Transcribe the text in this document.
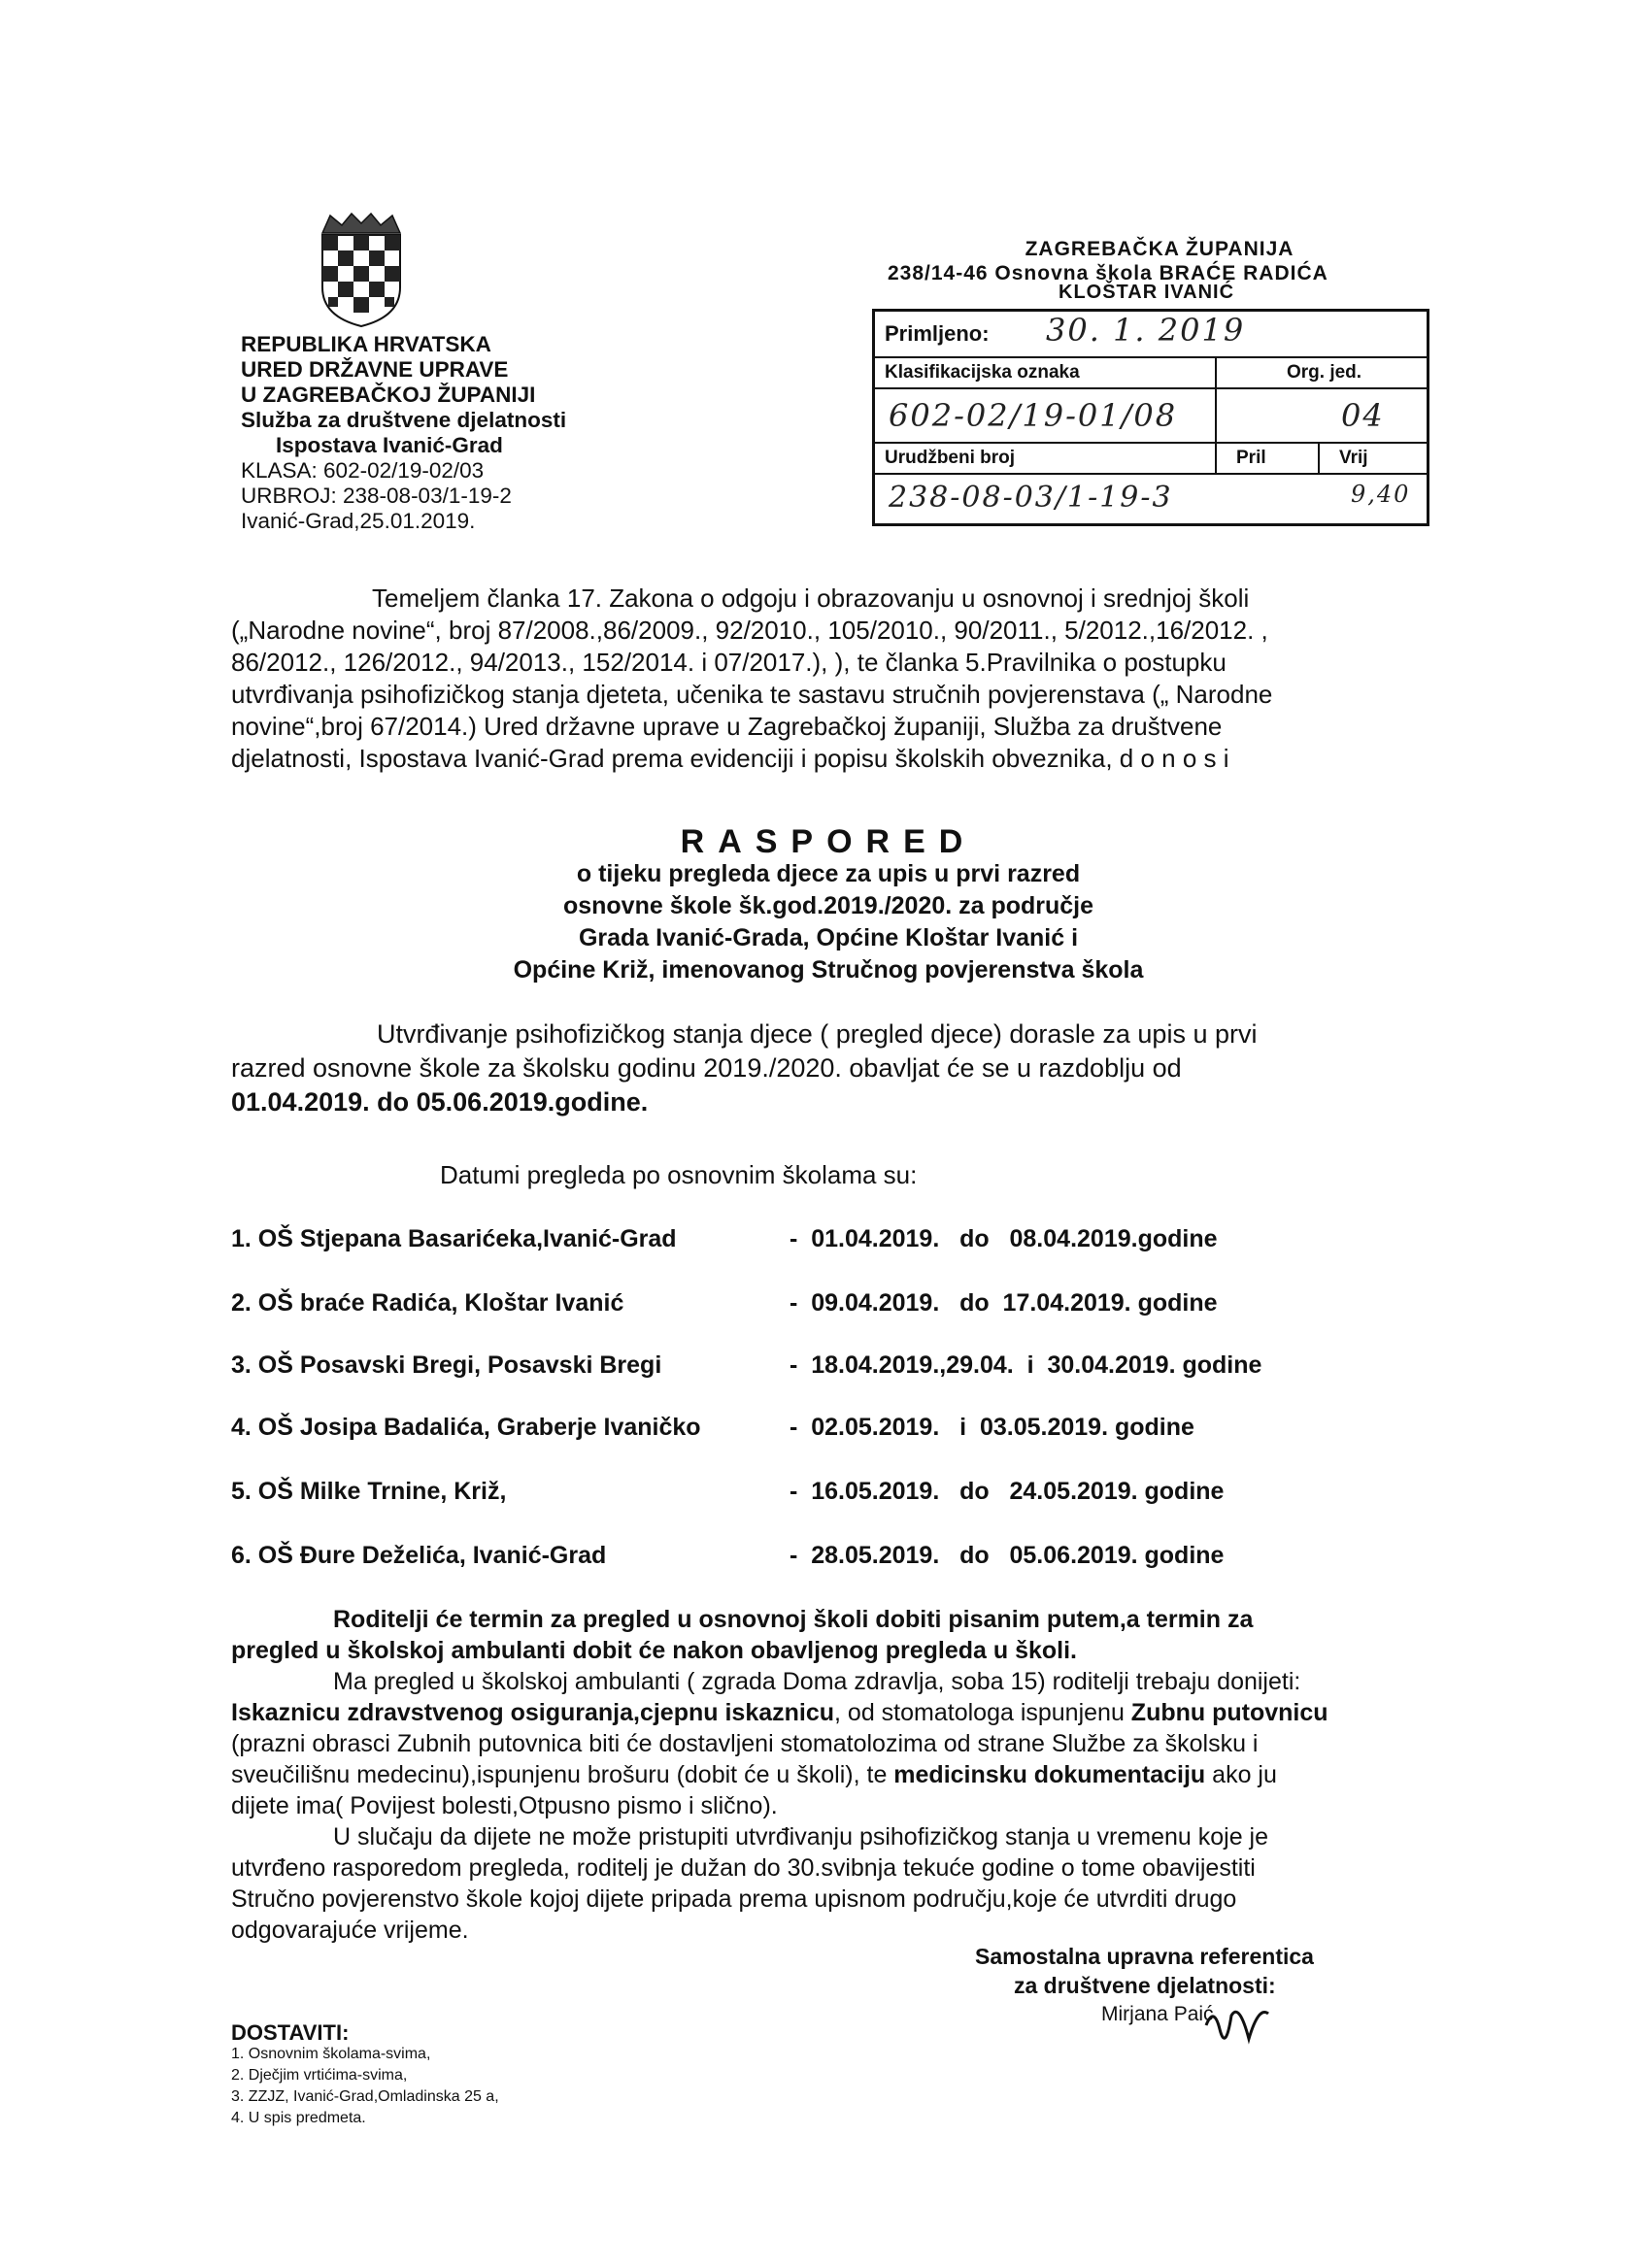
REPUBLIKA HRVATSKA
URED DRŽAVNE UPRAVE
U ZAGREBAČKOJ ŽUPANIJI
Služba za društvene djelatnosti
Ispostava Ivanić-Grad
KLASA: 602-02/19-02/03
URBROJ: 238-08-03/1-19-2
Ivanić-Grad,25.01.2019.
ZAGREBAČKA ŽUPANIJA
238/14-46 Osnovna škola BRAĆE RADIĆA
KLOŠTAR IVANIĆ
Primljeno: 30. 1. 2019
Klasifikacijska oznaka	Org. jed.
602-02/19-01/08	04
Urudžbeni broj	Pril	Vrij
238-08-03/1-19-3	9,40
Temeljem članka 17. Zakona o odgoju i obrazovanju u osnovnoj i srednjoj školi
(„Narodne novine“, broj 87/2008.,86/2009., 92/2010., 105/2010., 90/2011., 5/2012.,16/2012. ,
86/2012., 126/2012., 94/2013., 152/2014. i 07/2017.), ), te članka 5.Pravilnika o postupku
utvrđivanja psihofizičkog stanja djeteta, učenika te sastavu stručnih povjerenstava („ Narodne
novine“,broj 67/2014.) Ured državne uprave u Zagrebačkoj županiji, Služba za društvene
djelatnosti, Ispostava Ivanić-Grad prema evidenciji i popisu školskih obveznika, d o n o s i
RASPORED
o tijeku pregleda djece za upis u prvi razred
osnovne škole šk.god.2019./2020. za područje
Grada Ivanić-Grada, Općine Kloštar Ivanić i
Općine Križ, imenovanog Stručnog povjerenstva škola
Utvrđivanje psihofizičkog stanja djece ( pregled djece) dorasle za upis u prvi
razred osnovne škole za školsku godinu 2019./2020. obavljat će se u razdoblju od
01.04.2019. do 05.06.2019.godine.
Datumi pregleda po osnovnim školama su:
1. OŠ Stjepana Basarićeka,Ivanić-Grad	-  01.04.2019.   do   08.04.2019.godine
2. OŠ braće Radića, Kloštar Ivanić	-  09.04.2019.   do  17.04.2019. godine
3. OŠ Posavski Bregi, Posavski Bregi	-  18.04.2019.,29.04.  i  30.04.2019. godine
4. OŠ Josipa Badalića, Graberje Ivaničko	-  02.05.2019.   i  03.05.2019. godine
5. OŠ Milke Trnine, Križ,	-  16.05.2019.   do   24.05.2019. godine
6. OŠ Đure Deželića, Ivanić-Grad	-  28.05.2019.   do   05.06.2019. godine
Roditelji će termin za pregled u osnovnoj školi dobiti pisanim putem,a termin za
pregled u školskoj ambulanti dobit će nakon obavljenog pregleda u školi.
Ma pregled u školskoj ambulanti ( zgrada Doma zdravlja, soba 15) roditelji trebaju donijeti:
Iskaznicu zdravstvenog osiguranja,cjepnu iskaznicu, od stomatologa ispunjenu Zubnu putovnicu
(prazni obrasci Zubnih putovnica biti će dostavljeni stomatolozima od strane Službe za školsku i
sveučilišnu medecinu),ispunjenu brošuru (dobit će u školi), te medicinsku dokumentaciju ako ju
dijete ima( Povijest bolesti,Otpusno pismo i slično).
U slučaju da dijete ne može pristupiti utvrđivanju psihofizičkog stanja u vremenu koje je
utvrđeno rasporedom pregleda, roditelj je dužan do 30.svibnja tekuće godine o tome obavijestiti
Stručno povjerenstvo škole kojoj dijete pripada prema upisnom području,koje će utvrditi drugo
odgovarajuće vrijeme.
Samostalna upravna referentica
za društvene djelatnosti:
Mirjana Paić
DOSTAVITI:
1. Osnovnim školama-svima,
2. Dječjim vrtićima-svima,
3. ZZJZ, Ivanić-Grad,Omladinska 25 a,
4. U spis predmeta.
